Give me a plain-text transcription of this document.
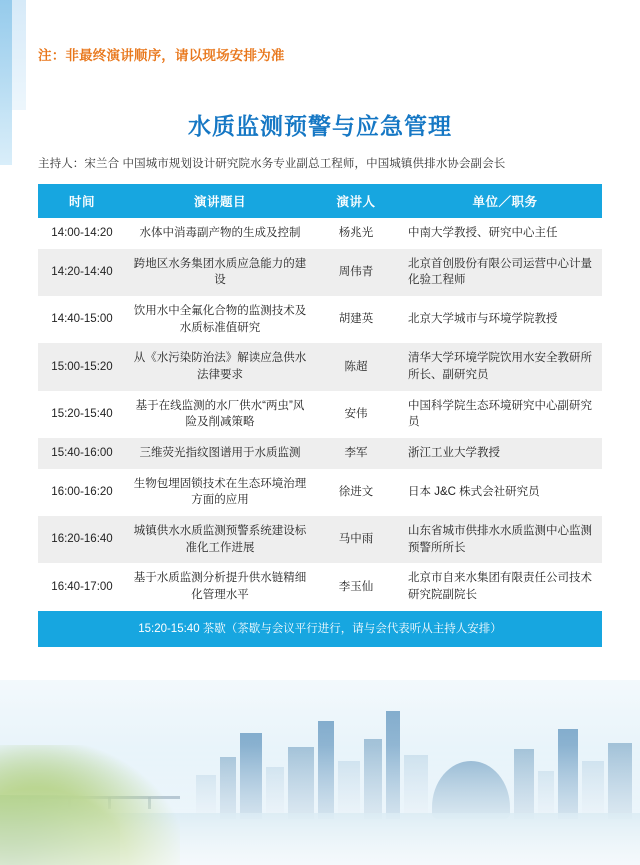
注：非最终演讲顺序，请以现场安排为准
水质监测预警与应急管理
主持人：宋兰合 中国城市规划设计研究院水务专业副总工程师，中国城镇供排水协会副会长
时间	演讲题目	演讲人	单位／职务
14:00-14:20	水体中消毒副产物的生成及控制	杨兆光	中南大学教授、研究中心主任
14:20-14:40	跨地区水务集团水质应急能力的建设	周伟青	北京首创股份有限公司运营中心计量化验工程师
14:40-15:00	饮用水中全氟化合物的监测技术及水质标准值研究	胡建英	北京大学城市与环境学院教授
15:00-15:20	从《水污染防治法》解读应急供水法律要求	陈超	清华大学环境学院饮用水安全教研所所长、副研究员
15:20-15:40	基于在线监测的水厂供水“两虫”风险及削减策略	安伟	中国科学院生态环境研究中心副研究员
15:40-16:00	三维荧光指纹图谱用于水质监测	李军	浙江工业大学教授
16:00-16:20	生物包埋固锁技术在生态环境治理方面的应用	徐进文	日本 J&C 株式会社研究员
16:20-16:40	城镇供水水质监测预警系统建设标准化工作进展	马中雨	山东省城市供排水水质监测中心监测预警所所长
16:40-17:00	基于水质监测分析提升供水链精细化管理水平	李玉仙	北京市自来水集团有限责任公司技术研究院副院长
15:20-15:40 茶歇（茶歇与会议平行进行，请与会代表听从主持人安排）			
